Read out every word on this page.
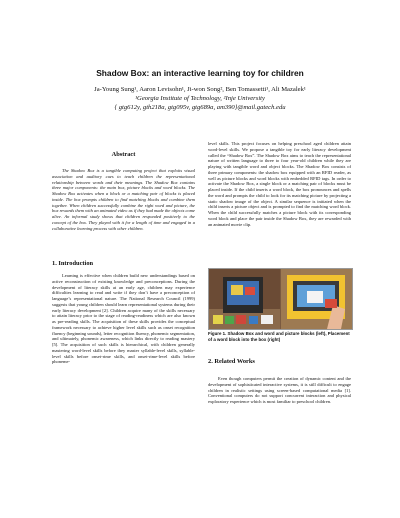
Shadow Box: an interactive learning toy for children
Ja-Young Sung¹, Aaron Levisohn¹, Ji-won Song², Ben Tomassetti¹, Ali Mazalek¹
¹Georgia Institute of Technology, ²Inje University
{ gtg612y, gth218a, gtg095v, gtg689a, am390}@mail.gatech.edu
Abstract

The Shadow Box is a tangible computing project that exploits visual association and auditory cues to teach children the representational relationship between words and their meanings. The Shadow Box contains three major components: the main box, picture blocks and word blocks. The Shadow Box activates when a block or a matching pair of blocks is placed inside. The box prompts children to find matching blocks and combine them together. When children successfully combine the right word and picture, the box rewards them with an animated video as if they had made the objects come alive. An informal study shows that children responded positively to the concept of the box. They played with it for a length of time and engaged in a collaborative learning process with other children.

1. Introduction

Learning is effective when children build new understandings based on active reconstruction of existing knowledge and preconceptions. During the development of literacy skills at an early age, children may experience difficulties learning to read and write if they don’t have a preconception of language’s representational nature. The National Research Council (1999) suggests that young children should learn representational systems during their early literacy development [2]. Children acquire many of the skills necessary to attain literacy prior to the stage of reading-readiness which are also known as pre-reading skills. The acquisition of these skills provides the conceptual framework necessary to achieve higher level skills such as onset recognition fluency (beginning sounds), letter recognition fluency, phonemic segmentation, and ultimately, phonemic awareness, which links directly to reading mastery [5]. The acquisition of such skills is hierarchical, with children generally mastering word-level skills before they master syllable-level skills, syllable-level skills before onset-rime skills, and onset-rime-level skills before phoneme-

level skills. This project focuses on helping preschool aged children attain word-level skills. We propose a tangible toy for early literacy development called the “Shadow Box”. The Shadow Box aims to teach the representational nature of written language to three to four year-old children while they are playing with tangible word and object blocks. The Shadow Box consists of three primary components: the shadow box equipped with an RFID reader, as well as picture blocks and word blocks with embedded RFID tags. In order to activate the Shadow Box, a single block or a matching pair of blocks must be placed inside. If the child inserts a word block, the box pronounces and spells the word and prompts the child to look for its matching picture by projecting a static shadow image of the object. A similar sequence is initiated when the child inserts a picture object and is prompted to find the matching word block. When the child successfully matches a picture block with its corresponding word block and place the pair inside the Shadow Box, they are rewarded with an animated movie clip.

Figure 1. Shadow Box and word and picture blocks (left), Placement of a word block into the box (right)
2. Related Works

Even though computers permit the creation of dynamic content and the development of sophisticated interactive systems, it is still difficult to engage children in realistic settings using screen-based computational media [1]. Conventional computers do not support concurrent interaction and physical exploratory experience which is most familiar to preschool children.
